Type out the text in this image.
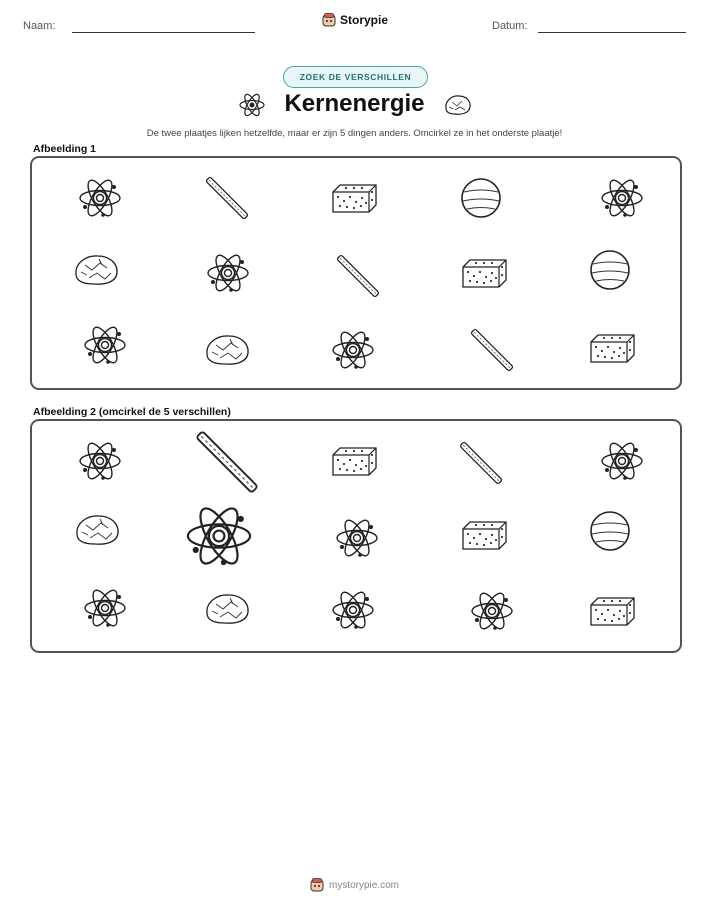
Naam:	Storypie	Datum:
ZOEK DE VERSCHILLEN
Kernenergie
De twee plaatjes lijken hetzelfde, maar er zijn 5 dingen anders. Omcirkel ze in het onderste plaatje!
Afbeelding 1
Afbeelding 2 (omcirkel de 5 verschillen)
mystorypie.com
